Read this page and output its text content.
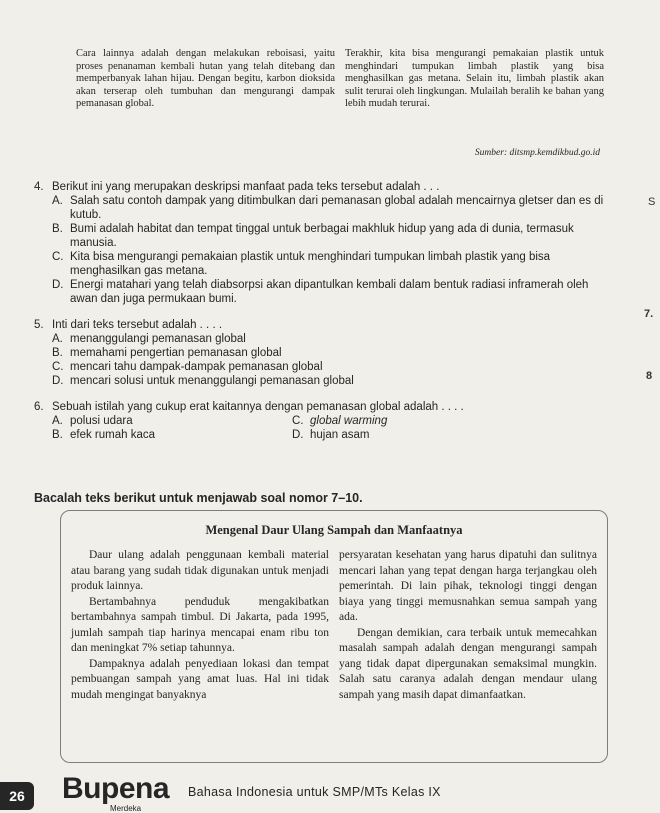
Cara lainnya adalah dengan melakukan reboisasi, yaitu proses penanaman kembali hutan yang telah ditebang dan memperbanyak lahan hijau. Dengan begitu, karbon dioksida akan terserap oleh tumbuhan dan mengurangi dampak pemanasan global.
Terakhir, kita bisa mengurangi pemakaian plastik untuk menghindari tumpukan limbah plastik yang bisa menghasilkan gas metana. Selain itu, limbah plastik akan sulit terurai oleh lingkungan. Mulailah beralih ke bahan yang lebih mudah terurai.
Sumber: ditsmp.kemdikbud.go.id
4. Berikut ini yang merupakan deskripsi manfaat pada teks tersebut adalah . . .
A. Salah satu contoh dampak yang ditimbulkan dari pemanasan global adalah mencairnya gletser dan es di kutub.
B. Bumi adalah habitat dan tempat tinggal untuk berbagai makhluk hidup yang ada di dunia, termasuk manusia.
C. Kita bisa mengurangi pemakaian plastik untuk menghindari tumpukan limbah plastik yang bisa menghasilkan gas metana.
D. Energi matahari yang telah diabsorpsi akan dipantulkan kembali dalam bentuk radiasi inframerah oleh awan dan juga permukaan bumi.
5. Inti dari teks tersebut adalah . . . .
A. menanggulangi pemanasan global
B. memahami pengertian pemanasan global
C. mencari tahu dampak-dampak pemanasan global
D. mencari solusi untuk menanggulangi pemanasan global
6. Sebuah istilah yang cukup erat kaitannya dengan pemanasan global adalah . . . .
A. polusi udara	C. global warming
B. efek rumah kaca	D. hujan asam
S
7.
8
Bacalah teks berikut untuk menjawab soal nomor 7–10.
Mengenal Daur Ulang Sampah dan Manfaatnya

Daur ulang adalah penggunaan kembali material atau barang yang sudah tidak digunakan untuk menjadi produk lainnya.

Bertambahnya penduduk mengakibatkan bertambahnya sampah timbul. Di Jakarta, pada 1995, jumlah sampah tiap harinya mencapai enam ribu ton dan meningkat 7% setiap tahunnya.

Dampaknya adalah penyediaan lokasi dan tempat pembuangan sampah yang amat luas. Hal ini tidak mudah mengingat banyaknya

persyaratan kesehatan yang harus dipatuhi dan sulitnya mencari lahan yang tepat dengan harga terjangkau oleh pemerintah. Di lain pihak, teknologi tinggi dengan biaya yang tinggi memusnahkan semua sampah yang ada.

Dengan demikian, cara terbaik untuk memecahkan masalah sampah adalah dengan mengurangi sampah yang tidak dapat dipergunakan semaksimal mungkin. Salah satu caranya adalah dengan mendaur ulang sampah yang masih dapat dimanfaatkan.

26	Bupena
Merdeka
Bahasa Indonesia untuk SMP/MTs Kelas IX
